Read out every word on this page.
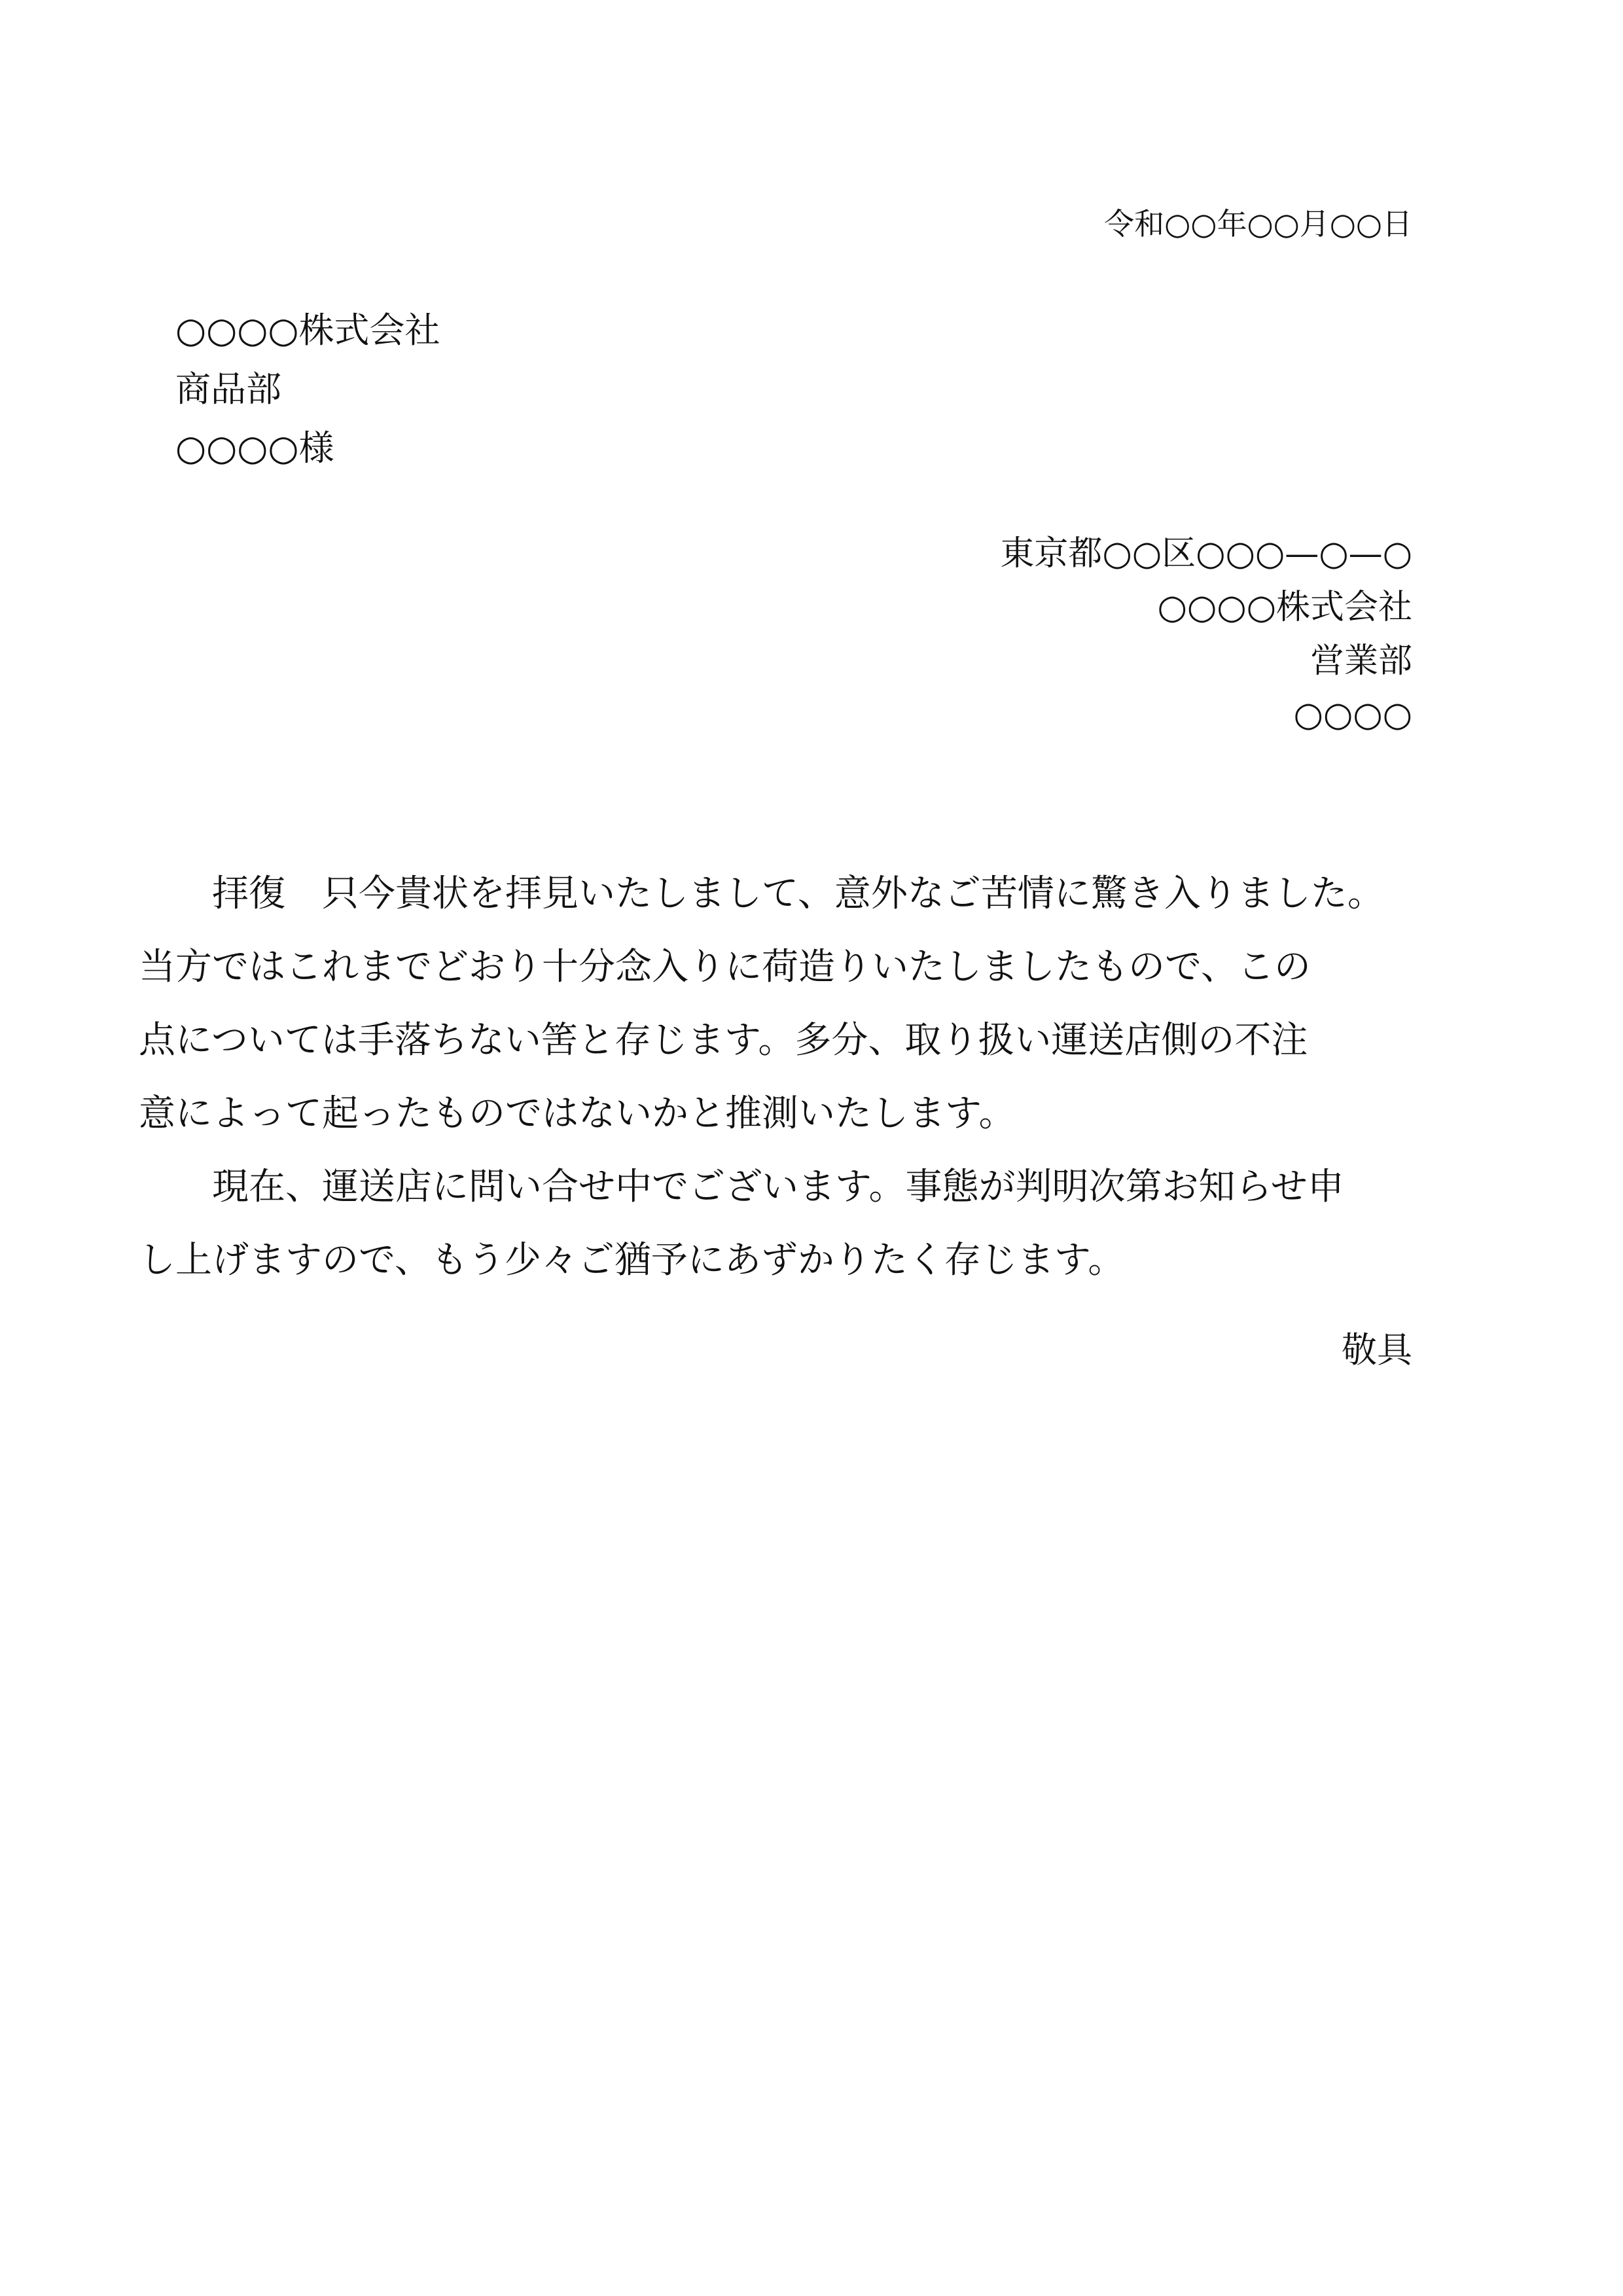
令和○○年○○月○○日
○○○○株式会社
商品部
○○○○様
東京都○○区○○○—○—○
○○○○株式会社
営業部
○○○○

拝復　只今貴状を拝見いたしまして、意外なご苦情に驚き入りました。
当方ではこれまでどおり十分念入りに荷造りいたしましたもので、この
点については手落ちない筈と存じます。多分、取り扱い運送店側の不注
意によって起ったものではないかと推測いたします。

現在、運送店に問い合せ中でございます。事態が判明次第お知らせ申
し上げますので、もう少々ご猶予にあずかりたく存じます。

敬具
